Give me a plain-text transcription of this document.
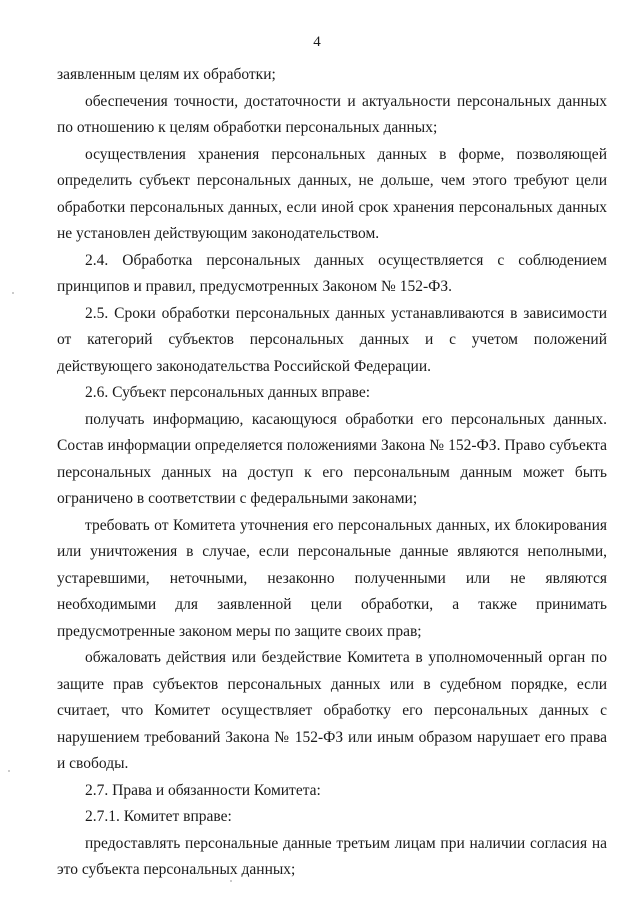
4

заявленным целям их обработки;

обеспечения точности, достаточности и актуальности персональных данных по отношению к целям обработки персональных данных;

осуществления хранения персональных данных в форме, позволяющей определить субъект персональных данных, не дольше, чем этого требуют цели обработки персональных данных, если иной срок хранения персональных данных не установлен действующим законодательством.

2.4. Обработка персональных данных осуществляется с соблюдением принципов и правил, предусмотренных Законом № 152-ФЗ.

2.5. Сроки обработки персональных данных устанавливаются в зависимости от категорий субъектов персональных данных и с учетом положений действующего законодательства Российской Федерации.

2.6. Субъект персональных данных вправе:

получать информацию, касающуюся обработки его персональных данных. Состав информации определяется положениями Закона № 152-ФЗ. Право субъекта персональных данных на доступ к его персональным данным может быть ограничено в соответствии с федеральными законами;

требовать от Комитета уточнения его персональных данных, их блокирования или уничтожения в случае, если персональные данные являются неполными, устаревшими, неточными, незаконно полученными или не являются необходимыми для заявленной цели обработки, а также принимать предусмотренные законом меры по защите своих прав;

обжаловать действия или бездействие Комитета в уполномоченный орган по защите прав субъектов персональных данных или в судебном порядке, если считает, что Комитет осуществляет обработку его персональных данных с нарушением требований Закона № 152-ФЗ или иным образом нарушает его права и свободы.

2.7. Права и обязанности Комитета:

2.7.1. Комитет вправе:

предоставлять персональные данные третьим лицам при наличии согласия на это субъекта персональных данных;
